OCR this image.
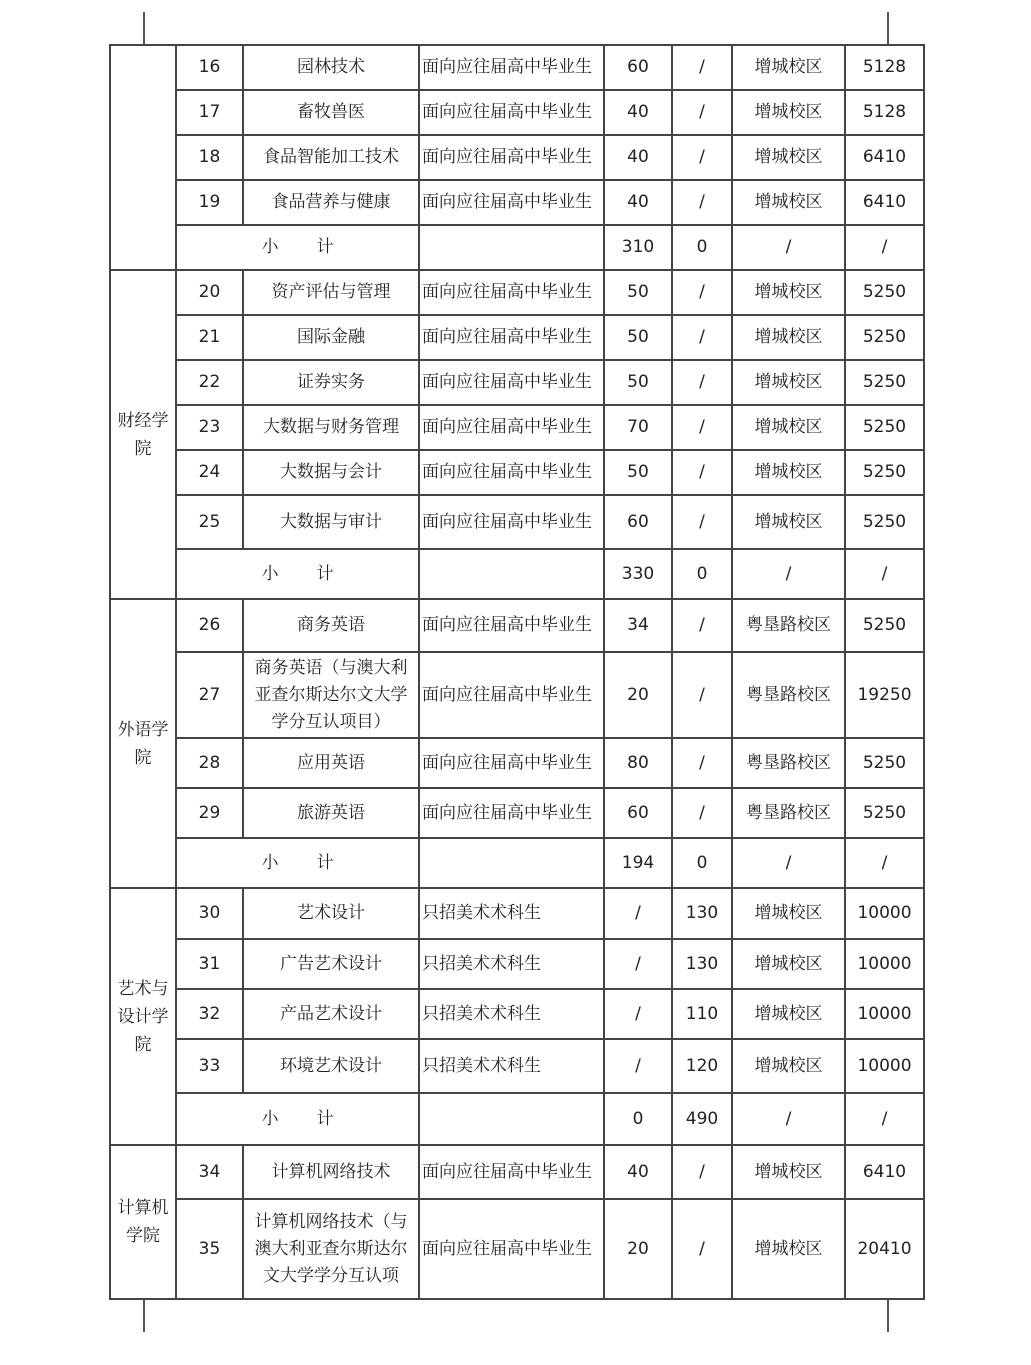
	16	园林技术	面向应往届高中毕业生	60	/	增城校区	5128
	17	畜牧兽医	面向应往届高中毕业生	40	/	增城校区	5128
	18	食品智能加工技术	面向应往届高中毕业生	40	/	增城校区	6410
	19	食品营养与健康	面向应往届高中毕业生	40	/	增城校区	6410
	小 计			310	0	/	/
财经学院	20	资产评估与管理	面向应往届高中毕业生	50	/	增城校区	5250
	21	国际金融	面向应往届高中毕业生	50	/	增城校区	5250
	22	证券实务	面向应往届高中毕业生	50	/	增城校区	5250
	23	大数据与财务管理	面向应往届高中毕业生	70	/	增城校区	5250
	24	大数据与会计	面向应往届高中毕业生	50	/	增城校区	5250
	25	大数据与审计	面向应往届高中毕业生	60	/	增城校区	5250
	小 计			330	0	/	/
外语学院	26	商务英语	面向应往届高中毕业生	34	/	粤垦路校区	5250
	27	商务英语（与澳大利亚查尔斯达尔文大学学分互认项目）	面向应往届高中毕业生	20	/	粤垦路校区	19250
	28	应用英语	面向应往届高中毕业生	80	/	粤垦路校区	5250
	29	旅游英语	面向应往届高中毕业生	60	/	粤垦路校区	5250
	小 计			194	0	/	/
艺术与设计学院	30	艺术设计	只招美术术科生	/	130	增城校区	10000
	31	广告艺术设计	只招美术术科生	/	130	增城校区	10000
	32	产品艺术设计	只招美术术科生	/	110	增城校区	10000
	33	环境艺术设计	只招美术术科生	/	120	增城校区	10000
	小 计			0	490	/	/
计算机学院	34	计算机网络技术	面向应往届高中毕业生	40	/	增城校区	6410
	35	计算机网络技术（与澳大利亚查尔斯达尔文大学学分互认项	面向应往届高中毕业生	20	/	增城校区	20410
